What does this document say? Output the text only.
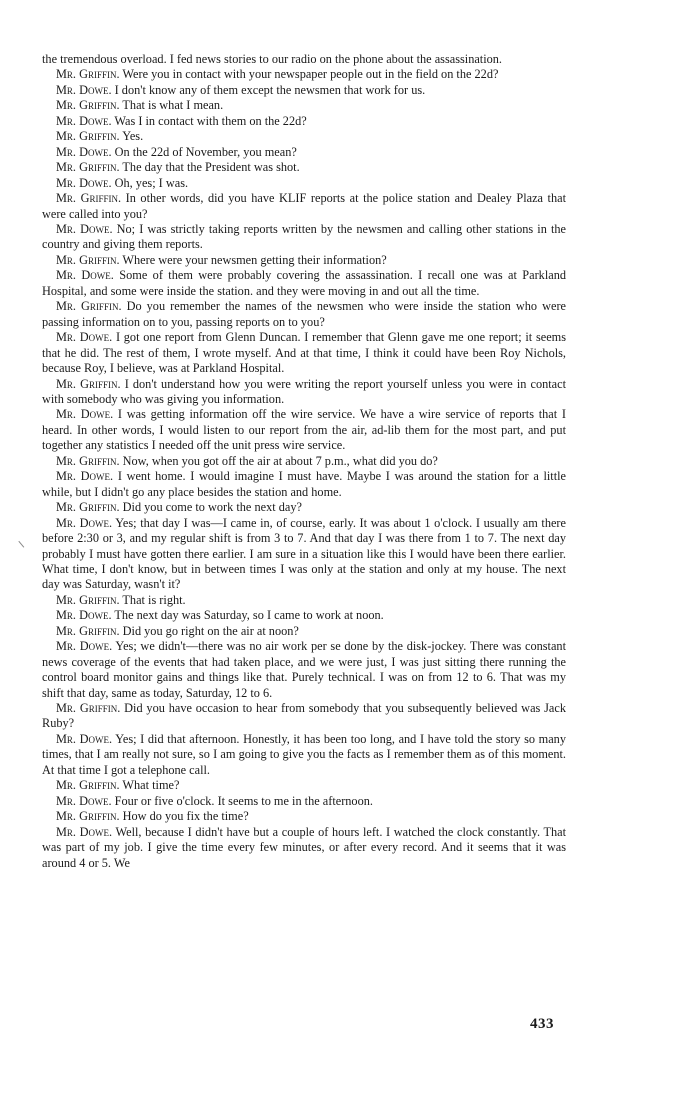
the tremendous overload. I fed news stories to our radio on the phone about the assassination.

Mr. Griffin. Were you in contact with your newspaper people out in the field on the 22d?

Mr. Dowe. I don't know any of them except the newsmen that work for us.

Mr. Griffin. That is what I mean.

Mr. Dowe. Was I in contact with them on the 22d?

Mr. Griffin. Yes.

Mr. Dowe. On the 22d of November, you mean?

Mr. Griffin. The day that the President was shot.

Mr. Dowe. Oh, yes; I was.

Mr. Griffin. In other words, did you have KLIF reports at the police station and Dealey Plaza that were called into you?

Mr. Dowe. No; I was strictly taking reports written by the newsmen and calling other stations in the country and giving them reports.

Mr. Griffin. Where were your newsmen getting their information?

Mr. Dowe. Some of them were probably covering the assassination. I recall one was at Parkland Hospital, and some were inside the station. and they were moving in and out all the time.

Mr. Griffin. Do you remember the names of the newsmen who were inside the station who were passing information on to you, passing reports on to you?

Mr. Dowe. I got one report from Glenn Duncan. I remember that Glenn gave me one report; it seems that he did. The rest of them, I wrote myself. And at that time, I think it could have been Roy Nichols, because Roy, I believe, was at Parkland Hospital.

Mr. Griffin. I don't understand how you were writing the report yourself unless you were in contact with somebody who was giving you information.

Mr. Dowe. I was getting information off the wire service. We have a wire service of reports that I heard. In other words, I would listen to our report from the air, ad-lib them for the most part, and put together any statistics I needed off the unit press wire service.

Mr. Griffin. Now, when you got off the air at about 7 p.m., what did you do?

Mr. Dowe. I went home. I would imagine I must have. Maybe I was around the station for a little while, but I didn't go any place besides the station and home.

Mr. Griffin. Did you come to work the next day?

Mr. Dowe. Yes; that day I was—I came in, of course, early. It was about 1 o'clock. I usually am there before 2:30 or 3, and my regular shift is from 3 to 7. And that day I was there from 1 to 7. The next day probably I must have gotten there earlier. I am sure in a situation like this I would have been there earlier. What time, I don't know, but in between times I was only at the station and only at my house. The next day was Saturday, wasn't it?

Mr. Griffin. That is right.

Mr. Dowe. The next day was Saturday, so I came to work at noon.

Mr. Griffin. Did you go right on the air at noon?

Mr. Dowe. Yes; we didn't—there was no air work per se done by the disk-jockey. There was constant news coverage of the events that had taken place, and we were just, I was just sitting there running the control board monitor gains and things like that. Purely technical. I was on from 12 to 6. That was my shift that day, same as today, Saturday, 12 to 6.

Mr. Griffin. Did you have occasion to hear from somebody that you subsequently believed was Jack Ruby?

Mr. Dowe. Yes; I did that afternoon. Honestly, it has been too long, and I have told the story so many times, that I am really not sure, so I am going to give you the facts as I remember them as of this moment. At that time I got a telephone call.

Mr. Griffin. What time?

Mr. Dowe. Four or five o'clock. It seems to me in the afternoon.

Mr. Griffin. How do you fix the time?

Mr. Dowe. Well, because I didn't have but a couple of hours left. I watched the clock constantly. That was part of my job. I give the time every few minutes, or after every record. And it seems that it was around 4 or 5. We

433
